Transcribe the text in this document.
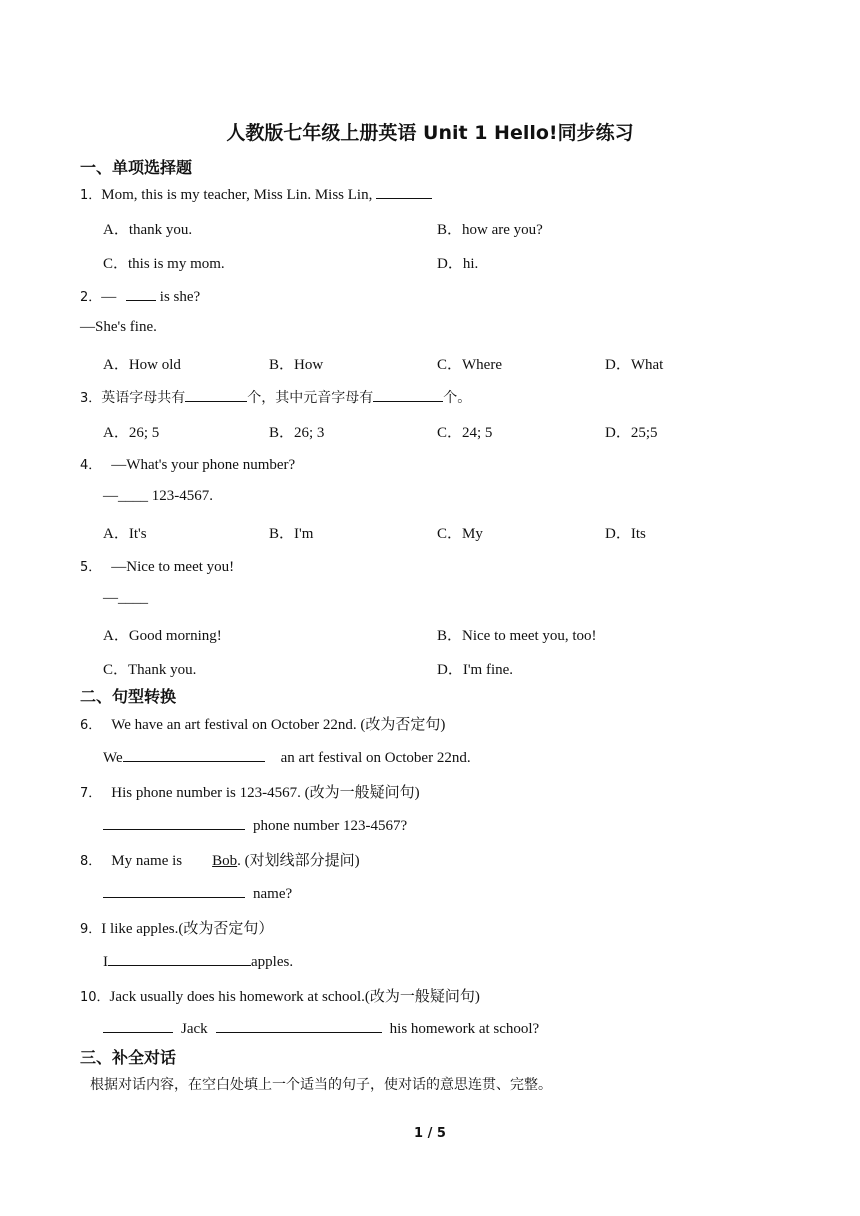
人教版七年级上册英语 Unit 1 Hello!同步练习
一、单项选择题
1．Mom, this is my teacher, Miss Lin. Miss Lin,
A．thank you.	B．how are you?
C．this is my mom.	D．hi.
2．—  is she?
—She's fine.
A．How old	B．How	C．Where	D．What
3．英语字母共有	个，其中元音字母有	个。
A．26; 5	B．26; 3	C．24; 5	D．25;5
4． —What's your phone number?
—____ 123-4567.
A．It's	B．I'm	C．My	D．Its
5． —Nice to meet you!
—____
A．Good morning!	B．Nice to meet you, too!
C．Thank you.	D．I'm fine.
二、句型转换
6． We have an art festival on October 22nd. (改为否定句)
We	an art festival on October 22nd.
7． His phone number is 123-4567. (改为一般疑问句)
phone number 123-4567?
8． My name is Bob. (对划线部分提问)
name?
9．I like apples.(改为否定句）
I	apples.
10．Jack usually does his homework at school.(改为一般疑问句)
Jack	his homework at school?
三、补全对话
根据对话内容，在空白处填上一个适当的句子，使对话的意思连贯、完整。
1 / 5
